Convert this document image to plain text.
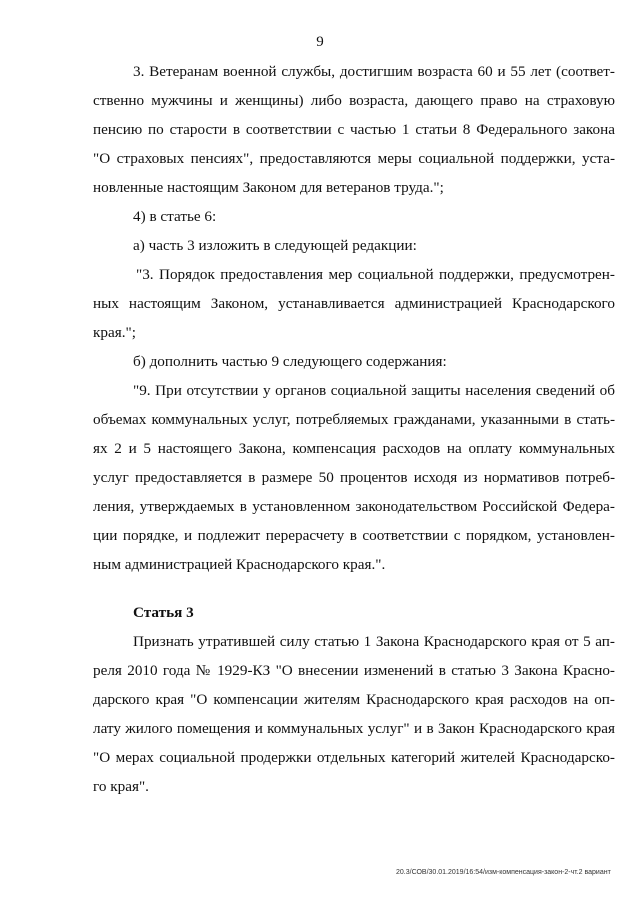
9
3. Ветеранам военной службы, достигшим возраста 60 и 55 лет (соответ-
ственно мужчины и женщины) либо возраста, дающего право на страховую
пенсию по старости в соответствии с частью 1 статьи 8 Федерального закона
"О страховых пенсиях", предоставляются меры социальной поддержки, уста-
новленные настоящим Законом для ветеранов труда.";
4) в статье 6:
а) часть 3 изложить в следующей редакции:
"3. Порядок предоставления мер социальной поддержки, предусмотрен-
ных настоящим Законом, устанавливается администрацией Краснодарского
края.";
б) дополнить частью 9 следующего содержания:
"9. При отсутствии у органов социальной защиты населения сведений об
объемах коммунальных услуг, потребляемых гражданами, указанными в стать-
ях 2 и 5 настоящего Закона, компенсация расходов на оплату коммунальных
услуг предоставляется в размере 50 процентов исходя из нормативов потреб-
ления, утверждаемых в установленном законодательством Российской Федера-
ции порядке, и подлежит перерасчету в соответствии с порядком, установлен-
ным администрацией Краснодарского края.".
Статья 3
Признать утратившей силу статью 1 Закона Краснодарского края от 5 ап-
реля 2010 года № 1929-КЗ "О внесении изменений в статью 3 Закона Красно-
дарского края "О компенсации жителям Краснодарского края расходов на оп-
лату жилого помещения и коммунальных услуг" и в Закон Краснодарского края
"О мерах социальной продержки отдельных категорий жителей Краснодарско-
го края".
20.3/СОВ/30.01.2019/16:54/изм-компенсация-закон-2-чт.2 вариант
